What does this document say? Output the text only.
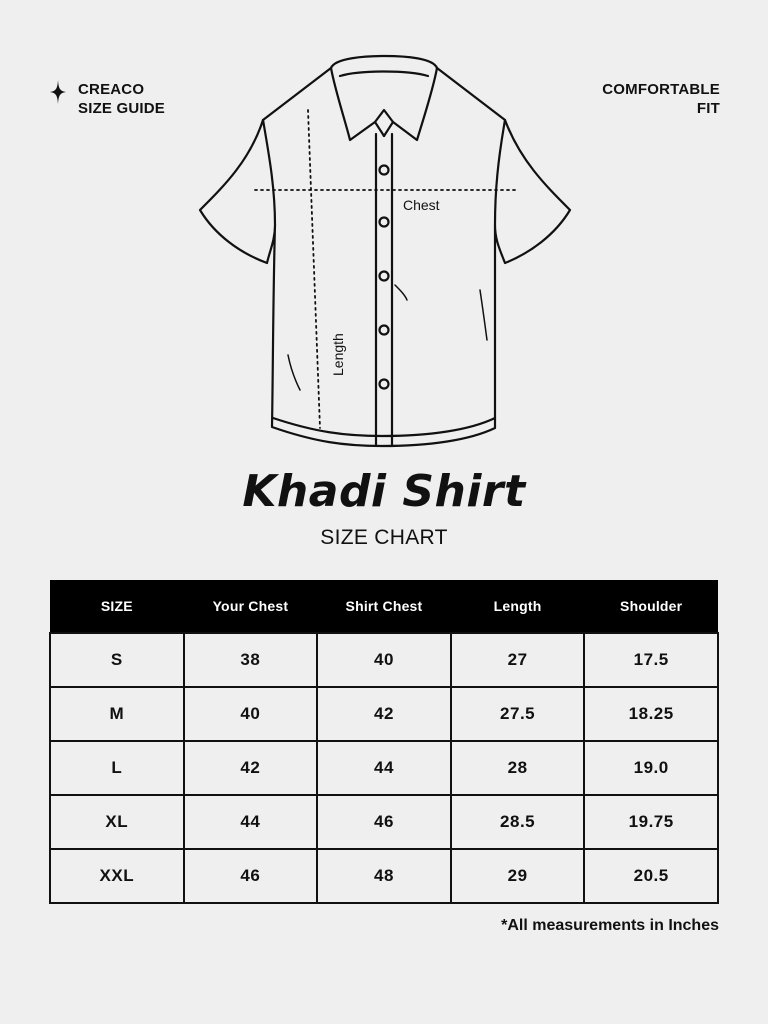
CREACO
SIZE GUIDE
COMFORTABLE
FIT
Chest
Length
Khadi Shirt
SIZE CHART
SIZE	Your Chest	Shirt Chest	Length	Shoulder
S	38	40	27	17.5
M	40	42	27.5	18.25
L	42	44	28	19.0
XL	44	46	28.5	19.75
XXL	46	48	29	20.5
*All measurements in Inches
